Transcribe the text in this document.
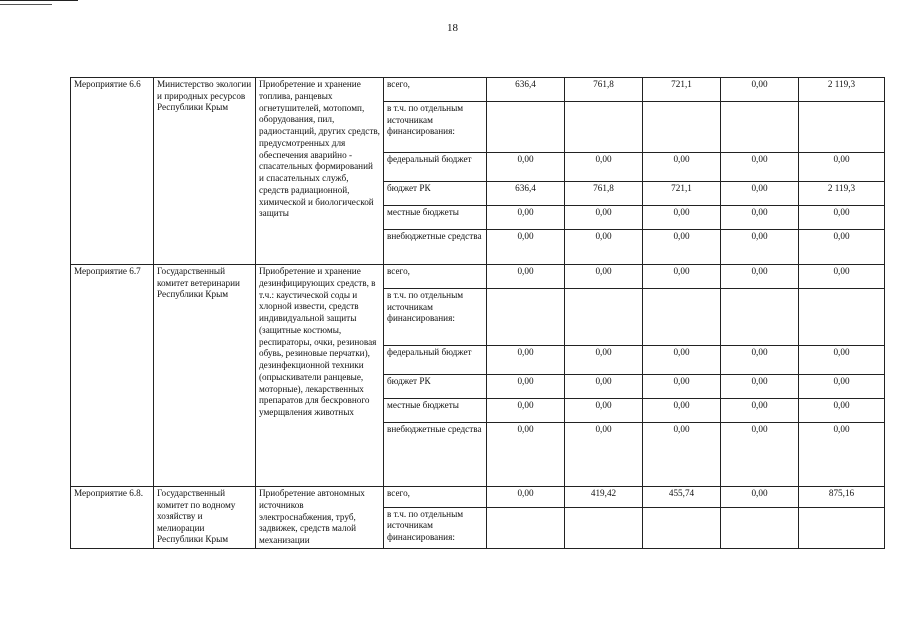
18
Мероприятие 6.6	Министерство экологии и природных ресурсов Республики Крым	Приобретение и хранение топлива, ранцевых огнетушителей, мотопомп, оборудования, пил, радиостанций, других средств, предусмотренных для обеспечения аварийно - спасательных формирований и спасательных служб, средств радиационной, химической и биологической защиты	всего,	636,4	761,8	721,1	0,00	2 119,3
			в т.ч. по отдельным источникам финансирования:					
			федеральный бюджет	0,00	0,00	0,00	0,00	0,00
			бюджет РК	636,4	761,8	721,1	0,00	2 119,3
			местные бюджеты	0,00	0,00	0,00	0,00	0,00
			внебюджетные средства	0,00	0,00	0,00	0,00	0,00
Мероприятие 6.7	Государственный комитет ветеринарии Республики Крым	Приобретение и хранение дезинфицирующих средств, в т.ч.: каустической соды и хлорной извести, средств индивидуальной защиты (защитные костюмы, респираторы, очки, резиновая обувь, резиновые перчатки), дезинфекционной техники (опрыскиватели ранцевые, моторные), лекарственных препаратов для бескровного умерщвления животных	всего,	0,00	0,00	0,00	0,00	0,00
			в т.ч. по отдельным источникам финансирования:					
			федеральный бюджет	0,00	0,00	0,00	0,00	0,00
			бюджет РК	0,00	0,00	0,00	0,00	0,00
			местные бюджеты	0,00	0,00	0,00	0,00	0,00
			внебюджетные средства	0,00	0,00	0,00	0,00	0,00
Мероприятие 6.8.	Государственный комитет по водному хозяйству и мелиорации Республики Крым	Приобретение автономных источников электроснабжения, труб, задвижек, средств малой механизации	всего,	0,00	419,42	455,74	0,00	875,16
			в т.ч. по отдельным источникам финансирования:					
